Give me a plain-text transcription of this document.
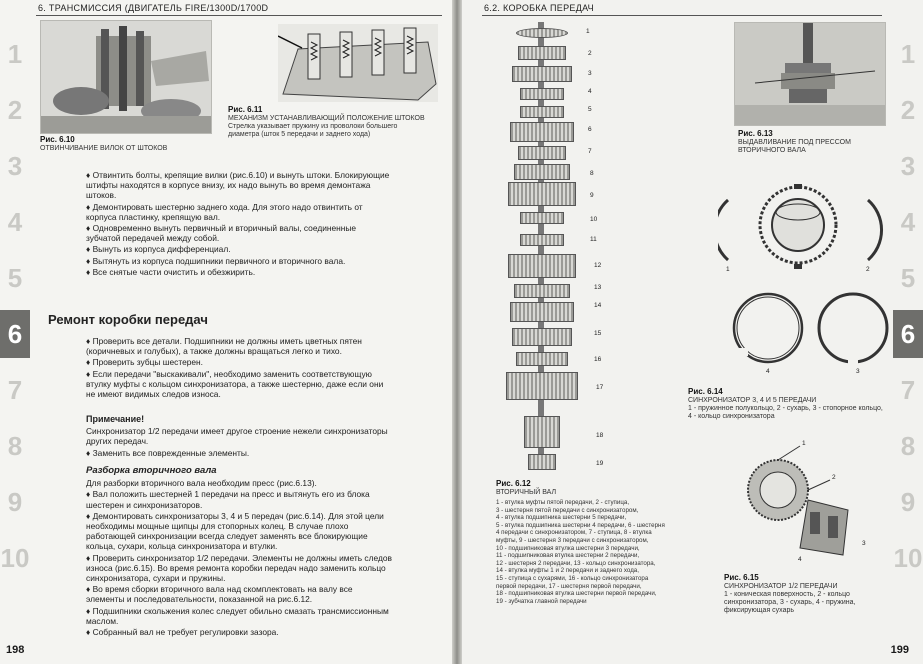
6. ТРАНСМИССИЯ (ДВИГАТЕЛЬ FIRE/1300D/1700D
1
2
3
4
5
6
7
8
9
10
Рис. 6.10
ОТВИНЧИВАНИЕ ВИЛОК ОТ ШТОКОВ
Рис. 6.11
МЕХАНИЗМ УСТАНАВЛИВАЮЩИЙ ПОЛОЖЕНИЕ ШТОКОВ
Стрелка указывает пружину из проволоки большего диаметра (шток 5 передачи и заднего хода)

♦ Отвинтить болты, крепящие вилки (рис.6.10) и вынуть штоки. Блокирующие штифты находятся в корпусе внизу, их надо вынуть во время демонтажа штоков.

♦ Демонтировать шестерню заднего хода. Для этого надо отвинтить от корпуса пластинку, крепящую вал.

♦ Одновременно вынуть первичный и вторичный валы, соединенные зубчатой передачей между собой.

♦ Вынуть из корпуса дифференциал.

♦ Вытянуть из корпуса подшипники первичного и вторичного вала.

♦ Все снятые части очистить и обезжирить.

Ремонт коробки передач

♦ Проверить все детали. Подшипники не должны иметь цветных пятен (коричневых и голубых), а также должны вращаться легко и тихо.

♦ Проверить зубцы шестерен.

♦ Если передачи "выскакивали", необходимо заменить соответствующую втулку муфты с кольцом синхронизатора, а также шестерню, даже если они не имеют видимых следов износа.

Примечание!

Синхронизатор 1/2 передачи имеет другое строение нежели синхронизаторы других передач.

♦ Заменить все поврежденные элементы.

Разборка вторичного вала

Для разборки вторичного вала необходим пресс (рис.6.13).

♦ Вал положить шестерней 1 передачи на пресс и вытянуть его из блока шестерен и синхронизаторов.

♦ Демонтировать синхронизаторы 3, 4 и 5 передач (рис.6.14). Для этой цели необходимы мощные щипцы для стопорных колец. В случае плохо работающей синхронизации всегда следует заменять все блокирующие кольца, сухари, кольца синхронизатора и втулки.

♦ Проверить синхронизатор 1/2 передачи. Элементы не должны иметь следов износа (рис.6.15). Во время ремонта коробки передач надо заменить кольцо синхронизатора, сухари и пружины.

♦ Во время сборки вторичного вала над скомплектовать на валу все элементы и последовательности, показанной на рис.6.12.

♦ Подшипники скольжения колес следует обильно смазать трансмиссионным маслом.

♦ Собранный вал не требует регулировки зазора.

198
6.2. КОРОБКА ПЕРЕДАЧ
1
2
3
4
5
6
7
8
9
10
1
2
3
4
5
6
7
8
9
10
11
12
13
14
15
16
17
18
19
Рис. 6.12
ВТОРИЧНЫЙ ВАЛ
1 - втулка муфты пятой передачи, 2 - ступица,
3 - шестерня пятой передачи с синхронизатором,
4 - втулка подшипника шестерни 5 передачи,
5 - втулка подшипника шестерни 4 передачи, 6 - шестерня
4 передачи с синхронизатором, 7 - ступица, 8 - втулка
муфты, 9 - шестерня 3 передачи с синхронизатором,
10 - подшипниковая втулка шестерни 3 передачи,
11 - подшипниковая втулка шестерни 2 передачи,
12 - шестерня 2 передачи, 13 - кольцо синхронизатора,
14 - втулка муфты 1 и 2 передачи и заднего хода,
15 - ступица с сухарями, 16 - кольцо синхронизатора
первой передачи, 17 - шестерня первой передачи,
18 - подшипниковая втулка шестерни первой передачи,
19 - зубчатка главной передачи
Рис. 6.13
ВЫДАВЛИВАНИЕ ПОД ПРЕССОМ ВТОРИЧНОГО ВАЛА
1	2
4	3
Рис. 6.14
СИНХРОНИЗАТОР 3, 4 И 5 ПЕРЕДАЧИ
1 - пружинное полукольцо, 2 - сухарь, 3 - стопорное кольцо, 4 - кольцо синхронизатора
1
2
3
4
Рис. 6.15
СИНХРОНИЗАТОР 1/2 ПЕРЕДАЧИ
1 - коническая поверхность, 2 - кольцо синхронизатора, 3 - сухарь, 4 - пружина, фиксирующая сухарь
199
